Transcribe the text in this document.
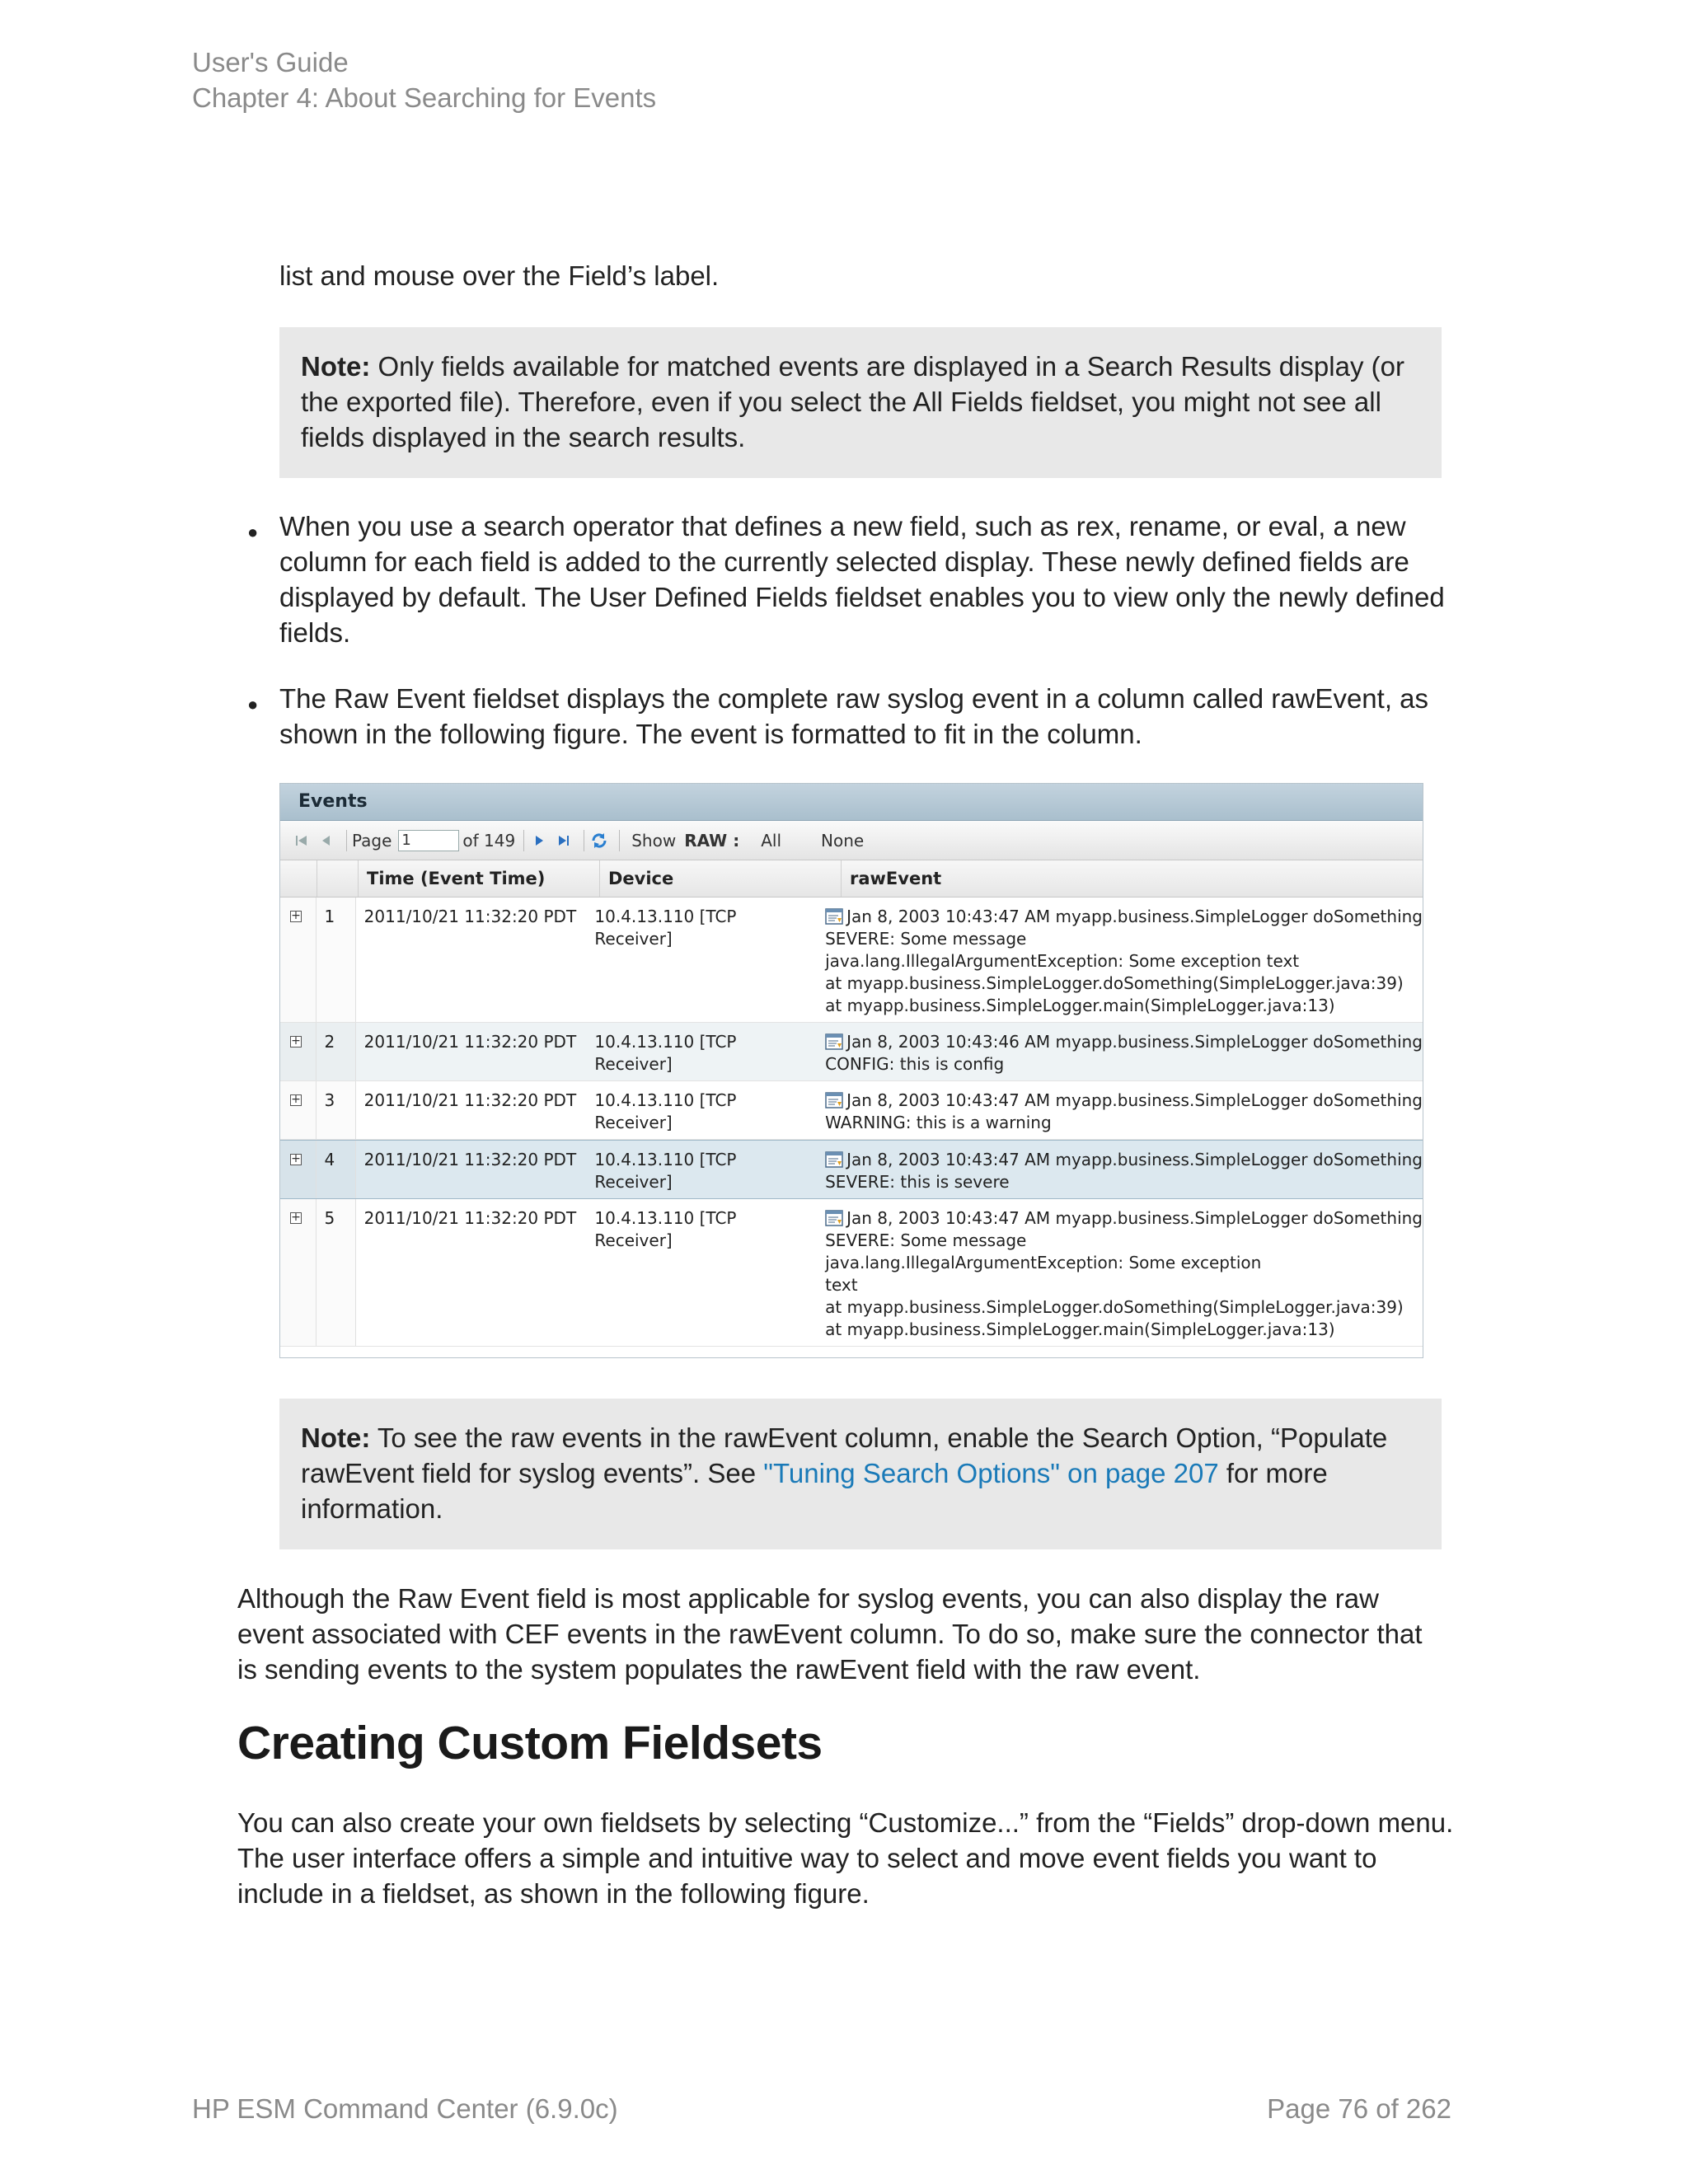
User's Guide
Chapter 4: About Searching for Events
list and mouse over the Field’s label.
Note: Only fields available for matched events are displayed in a Search Results display (or the exported file). Therefore, even if you select the All Fields fieldset, you might not see all fields displayed in the search results.
● When you use a search operator that defines a new field, such as rex, rename, or eval, a new column for each field is added to the currently selected display. These newly defined fields are displayed by default. The User Defined Fields fieldset enables you to view only the newly defined fields.
● The Raw Event fieldset displays the complete raw syslog event in a column called rawEvent, as shown in the following figure. The event is formatted to fit in the column.
Events
Page 1	of 149	Show RAW : All None
Time (Event Time)	Device	rawEvent
+	1	2011/10/21 11:32:20 PDT	10.4.13.110 [TCP Receiver]
Jan 8, 2003 10:43:47 AM myapp.business.SimpleLogger doSomething
SEVERE: Some message
java.lang.IllegalArgumentException: Some exception text
at myapp.business.SimpleLogger.doSomething(SimpleLogger.java:39)
at myapp.business.SimpleLogger.main(SimpleLogger.java:13)
+	2	2011/10/21 11:32:20 PDT	10.4.13.110 [TCP Receiver]
Jan 8, 2003 10:43:46 AM myapp.business.SimpleLogger doSomething
CONFIG: this is config
+	3	2011/10/21 11:32:20 PDT	10.4.13.110 [TCP Receiver]
Jan 8, 2003 10:43:47 AM myapp.business.SimpleLogger doSomething
WARNING: this is a warning
+	4	2011/10/21 11:32:20 PDT	10.4.13.110 [TCP Receiver]
Jan 8, 2003 10:43:47 AM myapp.business.SimpleLogger doSomething
SEVERE: this is severe
+	5	2011/10/21 11:32:20 PDT	10.4.13.110 [TCP Receiver]
Jan 8, 2003 10:43:47 AM myapp.business.SimpleLogger doSomething
SEVERE: Some message
java.lang.IllegalArgumentException: Some exception
text
at myapp.business.SimpleLogger.doSomething(SimpleLogger.java:39)
at myapp.business.SimpleLogger.main(SimpleLogger.java:13)
Note: To see the raw events in the rawEvent column, enable the Search Option, “Populate rawEvent field for syslog events”. See "Tuning Search Options" on page 207 for more information.
Although the Raw Event field is most applicable for syslog events, you can also display the raw event associated with CEF events in the rawEvent column. To do so, make sure the connector that is sending events to the system populates the rawEvent field with the raw event.
Creating Custom Fieldsets
You can also create your own fieldsets by selecting “Customize...” from the “Fields” drop-down menu. The user interface offers a simple and intuitive way to select and move event fields you want to include in a fieldset, as shown in the following figure.
HP ESM Command Center (6.9.0c)	Page 76 of 262
